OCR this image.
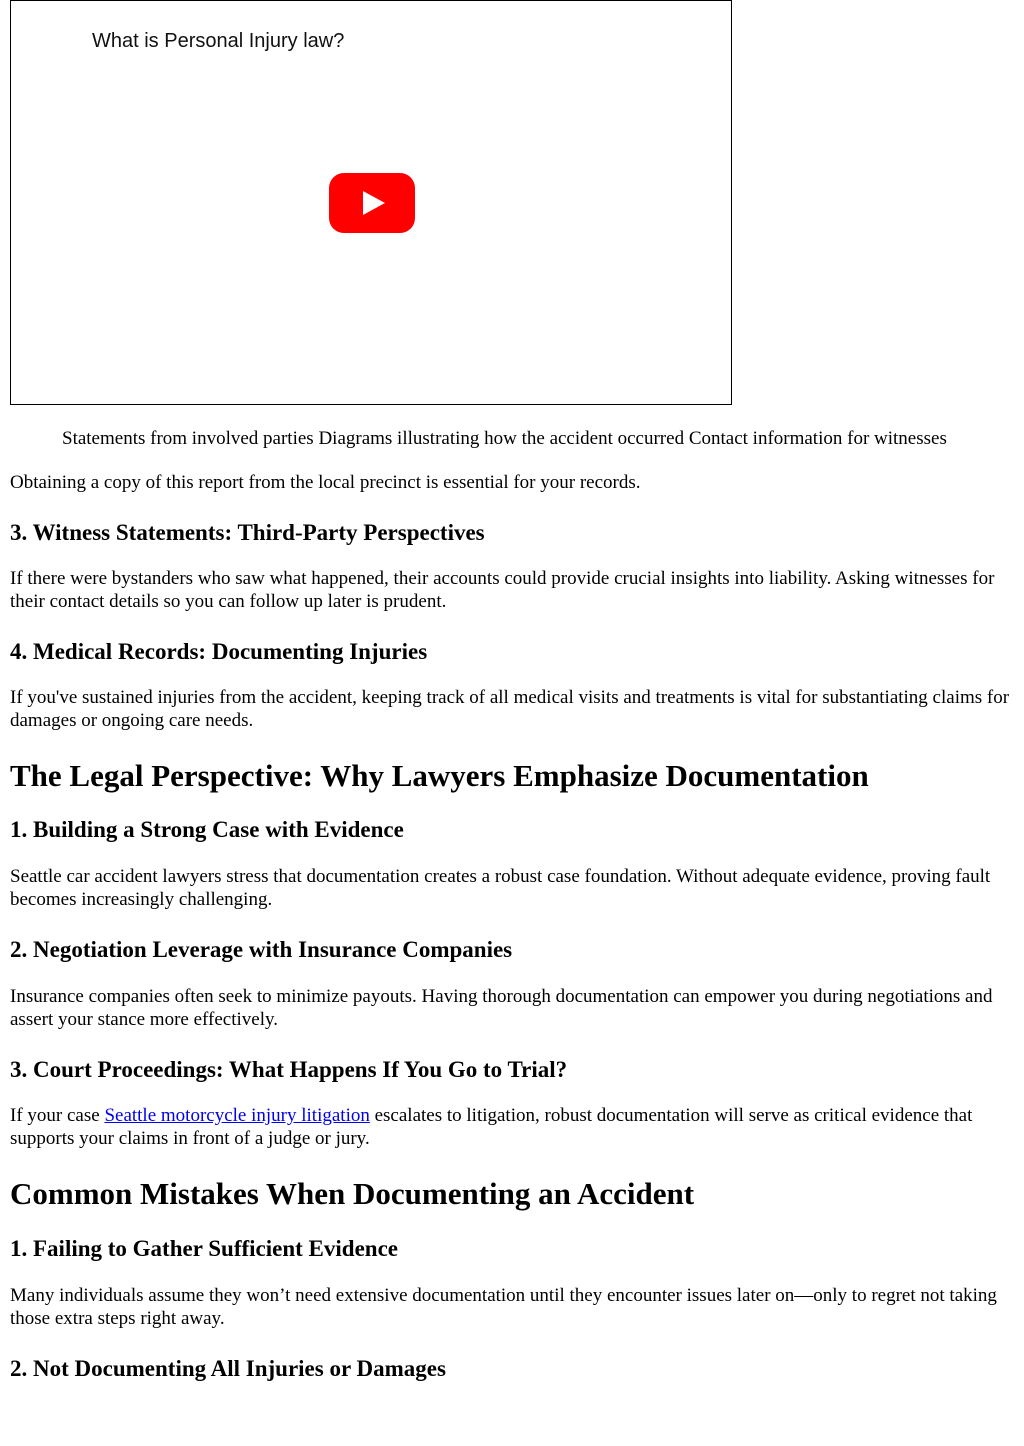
What is Personal Injury law?
Statements from involved parties Diagrams illustrating how the accident occurred Contact information for witnesses

Obtaining a copy of this report from the local precinct is essential for your records.

3. Witness Statements: Third-Party Perspectives

If there were bystanders who saw what happened, their accounts could provide crucial insights into liability. Asking witnesses for their contact details so you can follow up later is prudent.

4. Medical Records: Documenting Injuries

If you've sustained injuries from the accident, keeping track of all medical visits and treatments is vital for substantiating claims for damages or ongoing care needs.

The Legal Perspective: Why Lawyers Emphasize Documentation
1. Building a Strong Case with Evidence

Seattle car accident lawyers stress that documentation creates a robust case foundation. Without adequate evidence, proving fault becomes increasingly challenging.

2. Negotiation Leverage with Insurance Companies

Insurance companies often seek to minimize payouts. Having thorough documentation can empower you during negotiations and assert your stance more effectively.

3. Court Proceedings: What Happens If You Go to Trial?

If your case Seattle motorcycle injury litigation escalates to litigation, robust documentation will serve as critical evidence that supports your claims in front of a judge or jury.

Common Mistakes When Documenting an Accident
1. Failing to Gather Sufficient Evidence

Many individuals assume they won’t need extensive documentation until they encounter issues later on—only to regret not taking those extra steps right away.

2. Not Documenting All Injuries or Damages
